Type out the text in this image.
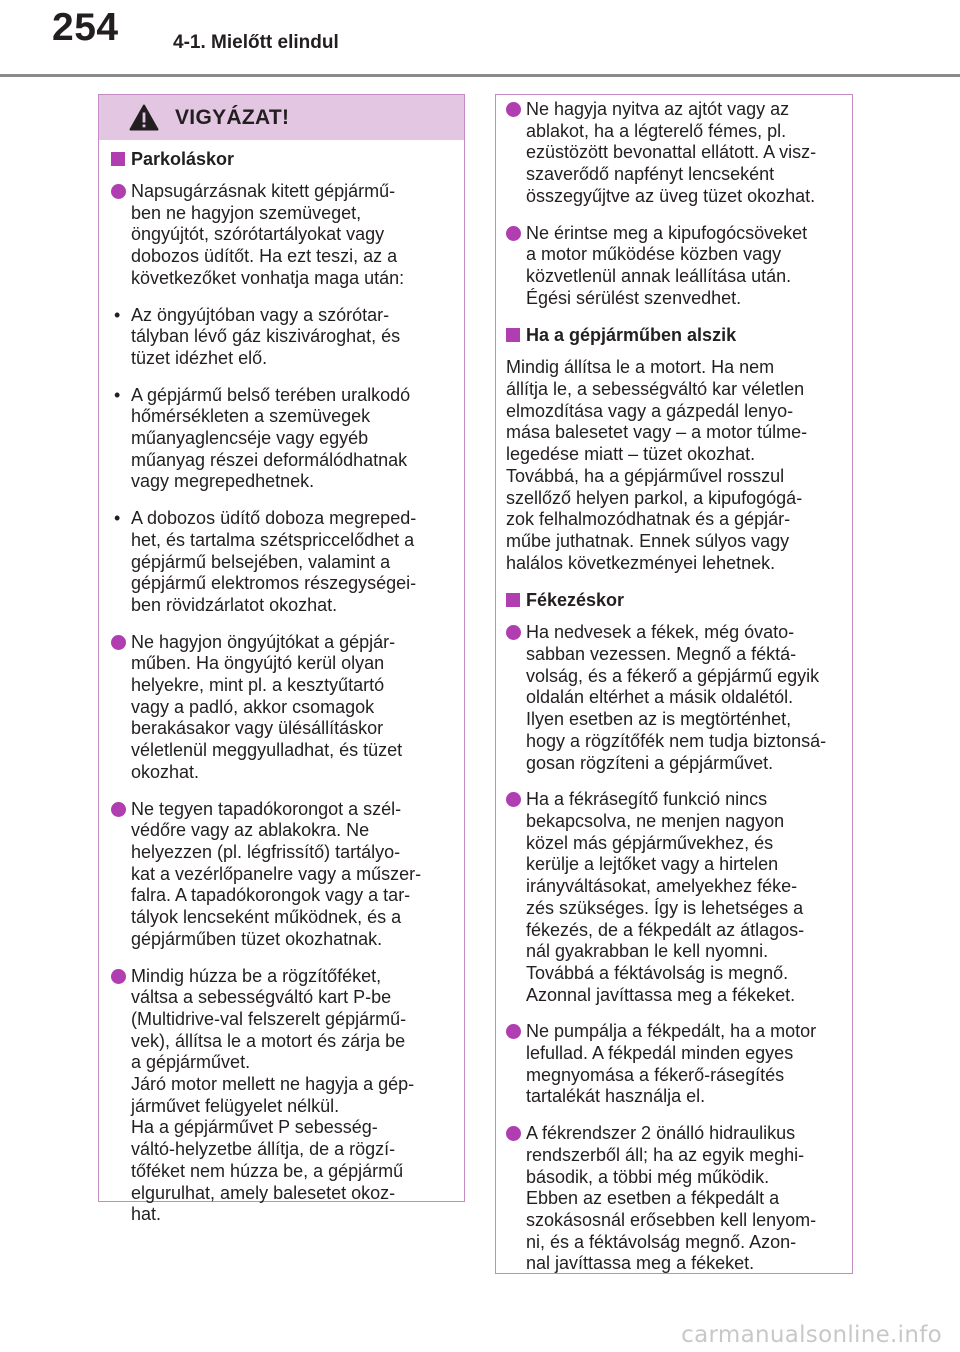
254	4-1. Mielőtt elindul
VIGYÁZAT!
Parkoláskor
Napsugárzásnak kitett gépjármű-
ben ne hagyjon szemüveget,
öngyújtót, szórótartályokat vagy
dobozos üdítőt. Ha ezt teszi, az a
következőket vonhatja maga után:
• Az öngyújtóban vagy a szórótar-
tályban lévő gáz kiszivároghat, és
tüzet idézhet elő.
• A gépjármű belső terében uralkodó
hőmérsékleten a szemüvegek
műanyaglencséje vagy egyéb
műanyag részei deformálódhatnak
vagy megrepedhetnek.
• A dobozos üdítő doboza megreped-
het, és tartalma szétspriccelődhet a
gépjármű belsejében, valamint a
gépjármű elektromos részegységei-
ben rövidzárlatot okozhat.
Ne hagyjon öngyújtókat a gépjár-
műben. Ha öngyújtó kerül olyan
helyekre, mint pl. a kesztyűtartó
vagy a padló, akkor csomagok
berakásakor vagy ülésállításkor
véletlenül meggyulladhat, és tüzet
okozhat.
Ne tegyen tapadókorongot a szél-
védőre vagy az ablakokra. Ne
helyezzen (pl. légfrissítő) tartályo-
kat a vezérlőpanelre vagy a műszer-
falra. A tapadókorongok vagy a tar-
tályok lencseként működnek, és a
gépjárműben tüzet okozhatnak.
Mindig húzza be a rögzítőféket,
váltsa a sebességváltó kart P-be
(Multidrive-val felszerelt gépjármű-
vek), állítsa le a motort és zárja be
a gépjárművet.
Járó motor mellett ne hagyja a gép-
járművet felügyelet nélkül.
Ha a gépjárművet P sebesség-
váltó-helyzetbe állítja, de a rögzí-
tőféket nem húzza be, a gépjármű
elgurulhat, amely balesetet okoz-
hat.
Ne hagyja nyitva az ajtót vagy az
ablakot, ha a légterelő fémes, pl.
ezüstözött bevonattal ellátott. A visz-
szaverődő napfényt lencseként
összegyűjtve az üveg tüzet okozhat.
Ne érintse meg a kipufogócsöveket
a motor működése közben vagy
közvetlenül annak leállítása után.
Égési sérülést szenvedhet.
Ha a gépjárműben alszik
Mindig állítsa le a motort. Ha nem
állítja le, a sebességváltó kar véletlen
elmozdítása vagy a gázpedál lenyo-
mása balesetet vagy – a motor túlme-
legedése miatt – tüzet okozhat.
Továbbá, ha a gépjárművel rosszul
szellőző helyen parkol, a kipufogógá-
zok felhalmozódhatnak és a gépjár-
műbe juthatnak. Ennek súlyos vagy
halálos következményei lehetnek.
Fékezéskor
Ha nedvesek a fékek, még óvato-
sabban vezessen. Megnő a féktá-
volság, és a fékerő a gépjármű egyik
oldalán eltérhet a másik oldalétól.
Ilyen esetben az is megtörténhet,
hogy a rögzítőfék nem tudja biztonsá-
gosan rögzíteni a gépjárművet.
Ha a fékrásegítő funkció nincs
bekapcsolva, ne menjen nagyon
közel más gépjárművekhez, és
kerülje a lejtőket vagy a hirtelen
irányváltásokat, amelyekhez féke-
zés szükséges. Így is lehetséges a
fékezés, de a fékpedált az átlagos-
nál gyakrabban le kell nyomni.
Továbbá a féktávolság is megnő.
Azonnal javíttassa meg a fékeket.
Ne pumpálja a fékpedált, ha a motor
lefullad. A fékpedál minden egyes
megnyomása a fékerő-rásegítés
tartalékát használja el.
A fékrendszer 2 önálló hidraulikus
rendszerből áll; ha az egyik meghi-
básodik, a többi még működik.
Ebben az esetben a fékpedált a
szokásosnál erősebben kell lenyom-
ni, és a féktávolság megnő. Azon-
nal javíttassa meg a fékeket.
carmanualsonline.info
